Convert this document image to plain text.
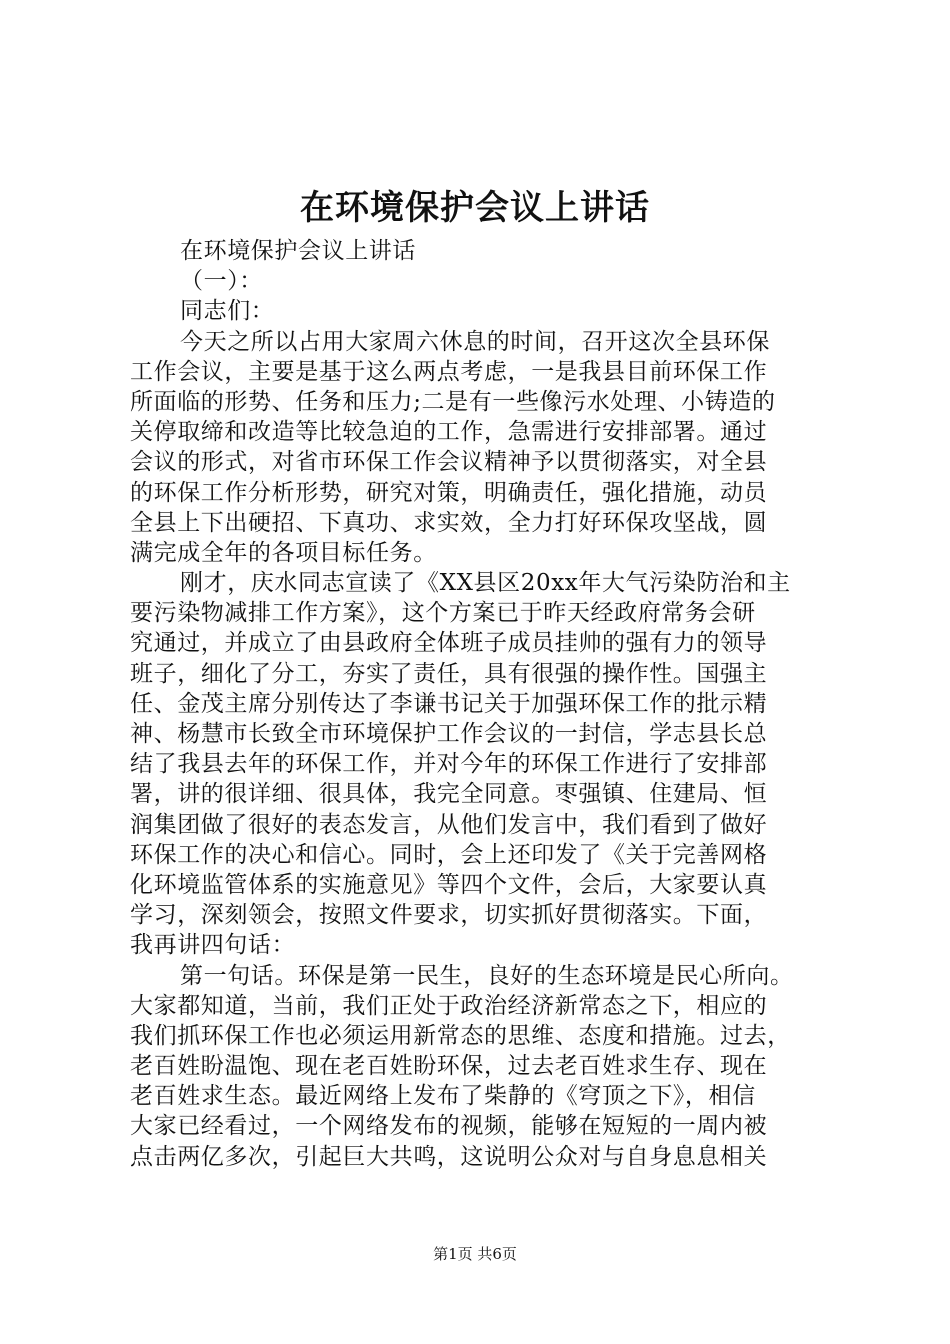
在环境保护会议上讲话
在环境保护会议上讲话
（一）：
同志们：
今天之所以占用大家周六休息的时间，召开这次全县环保
工作会议，主要是基于这么两点考虑，一是我县目前环保工作
所面临的形势、任务和压力;二是有一些像污水处理、小铸造的
关停取缔和改造等比较急迫的工作，急需进行安排部署。通过
会议的形式，对省市环保工作会议精神予以贯彻落实，对全县
的环保工作分析形势，研究对策，明确责任，强化措施，动员
全县上下出硬招、下真功、求实效，全力打好环保攻坚战，圆
满完成全年的各项目标任务。
刚才，庆水同志宣读了《XX县区20xx年大气污染防治和主
要污染物减排工作方案》，这个方案已于昨天经政府常务会研
究通过，并成立了由县政府全体班子成员挂帅的强有力的领导
班子，细化了分工，夯实了责任，具有很强的操作性。国强主
任、金茂主席分别传达了李谦书记关于加强环保工作的批示精
神、杨慧市长致全市环境保护工作会议的一封信，学志县长总
结了我县去年的环保工作，并对今年的环保工作进行了安排部
署，讲的很详细、很具体，我完全同意。枣强镇、住建局、恒
润集团做了很好的表态发言，从他们发言中，我们看到了做好
环保工作的决心和信心。同时，会上还印发了《关于完善网格
化环境监管体系的实施意见》等四个文件，会后，大家要认真
学习，深刻领会，按照文件要求，切实抓好贯彻落实。下面，
我再讲四句话：
第一句话。环保是第一民生，良好的生态环境是民心所向。
大家都知道，当前，我们正处于政治经济新常态之下，相应的
我们抓环保工作也必须运用新常态的思维、态度和措施。过去，
老百姓盼温饱、现在老百姓盼环保，过去老百姓求生存、现在
老百姓求生态。最近网络上发布了柴静的《穹顶之下》，相信
大家已经看过，一个网络发布的视频，能够在短短的一周内被
点击两亿多次，引起巨大共鸣，这说明公众对与自身息息相关
第1页 共6页
